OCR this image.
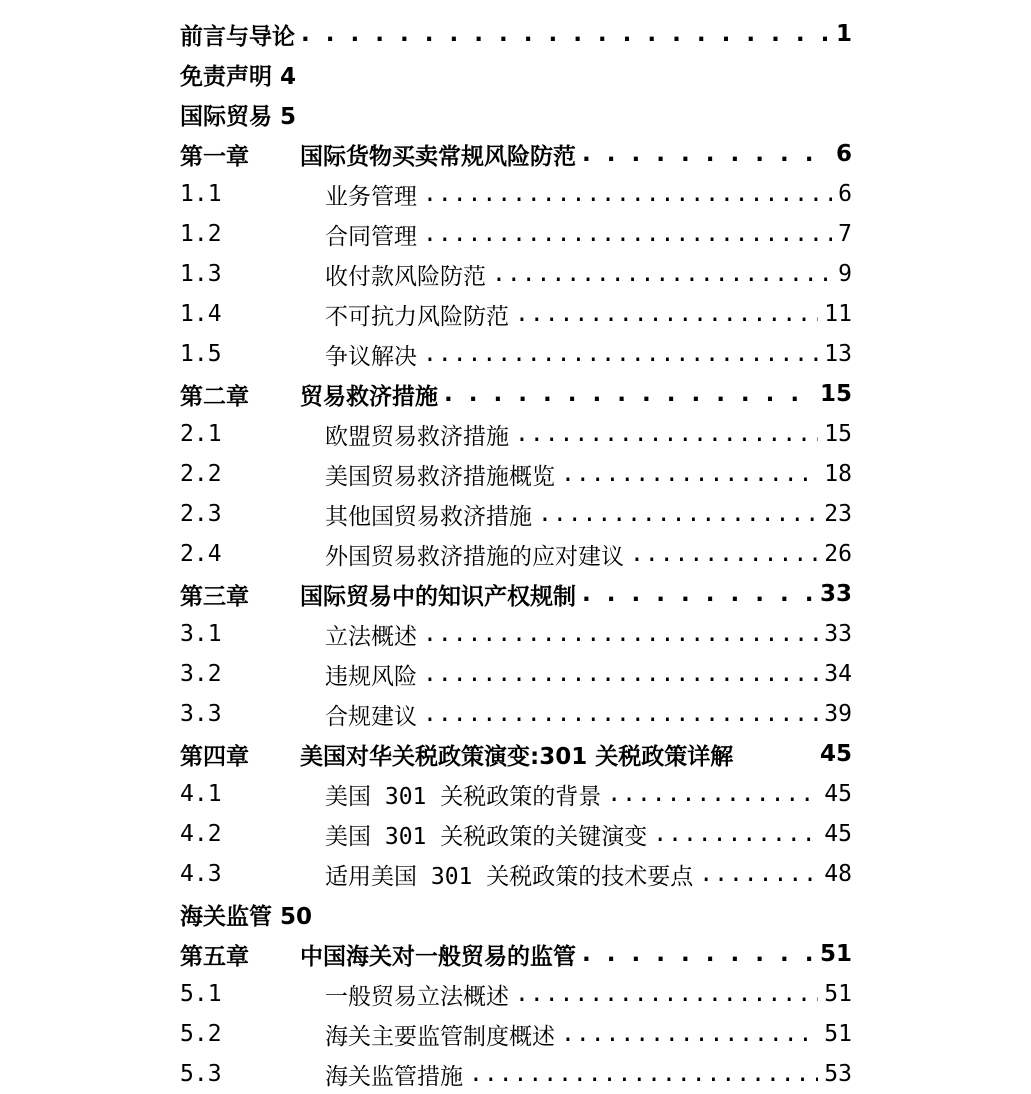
前言与导论 . . .	1
免责声明 4
国际贸易 5
第一章	国际货物买卖常规风险防范 . . .	6
1.1	业务管理 .....	6
1.2	合同管理 .....	7
1.3	收付款风险防范 .....	9
1.4	不可抗力风险防范 .....	11
1.5	争议解决 .....	13
第二章	贸易救济措施 . . .	15
2.1	欧盟贸易救济措施 .....	15
2.2	美国贸易救济措施概览 .....	18
2.3	其他国贸易救济措施 .....	23
2.4	外国贸易救济措施的应对建议 .....	26
第三章	国际贸易中的知识产权规制 . . .	33
3.1	立法概述 .....	33
3.2	违规风险 .....	34
3.3	合规建议 .....	39
第四章	美国对华关税政策演变:301 关税政策详解	45
4.1	美国 301 关税政策的背景 .....	45
4.2	美国 301 关税政策的关键演变 .....	45
4.3	适用美国 301 关税政策的技术要点 .....	48
海关监管 50
第五章	中国海关对一般贸易的监管 . . .	51
5.1	一般贸易立法概述 .....	51
5.2	海关主要监管制度概述 .....	51
5.3	海关监管措施 .....	53
